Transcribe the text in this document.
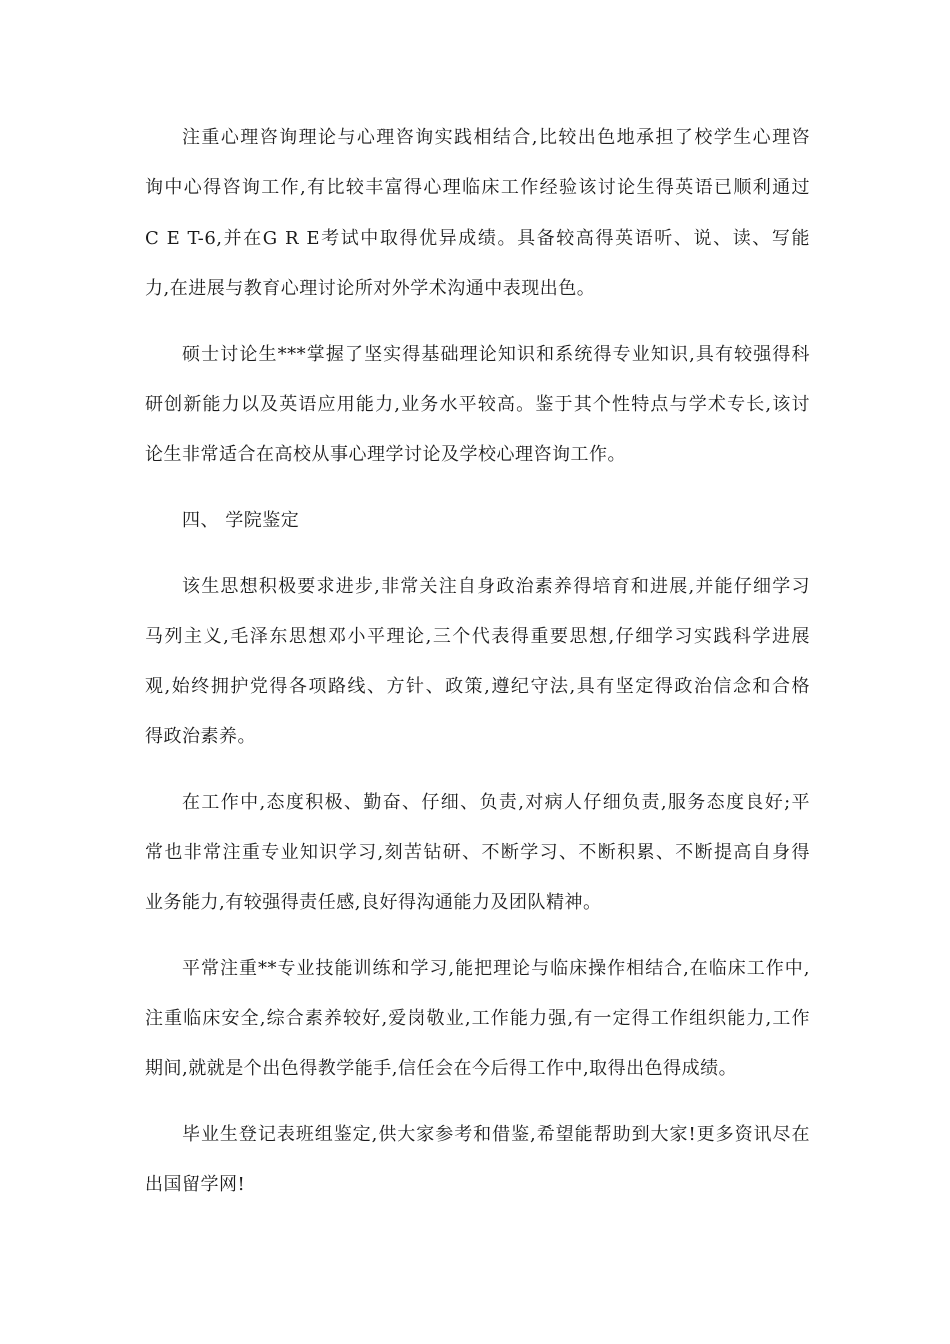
注重心理咨询理论与心理咨询实践相结合,比较出色地承担了校学生心理咨
询中心得咨询工作,有比较丰富得心理临床工作经验该讨论生得英语已顺利通过
C E T-6,并在G R E考试中取得优异成绩。具备较高得英语听、说、读、写能
力,在进展与教育心理讨论所对外学术沟通中表现出色。
硕士讨论生***掌握了坚实得基础理论知识和系统得专业知识,具有较强得科
研创新能力以及英语应用能力,业务水平较高。鉴于其个性特点与学术专长,该讨
论生非常适合在高校从事心理学讨论及学校心理咨询工作。
四、 学院鉴定
该生思想积极要求进步,非常关注自身政治素养得培育和进展,并能仔细学习
马列主义,毛泽东思想邓小平理论,三个代表得重要思想,仔细学习实践科学进展
观,始终拥护党得各项路线、方针、政策,遵纪守法,具有坚定得政治信念和合格
得政治素养。
在工作中,态度积极、勤奋、仔细、负责,对病人仔细负责,服务态度良好;平
常也非常注重专业知识学习,刻苦钻研、不断学习、不断积累、不断提高自身得
业务能力,有较强得责任感,良好得沟通能力及团队精神。
平常注重**专业技能训练和学习,能把理论与临床操作相结合,在临床工作中,
注重临床安全,综合素养较好,爱岗敬业,工作能力强,有一定得工作组织能力,工作
期间,就就是个出色得教学能手,信任会在今后得工作中,取得出色得成绩。
毕业生登记表班组鉴定,供大家参考和借鉴,希望能帮助到大家!更多资讯尽在
出国留学网!
